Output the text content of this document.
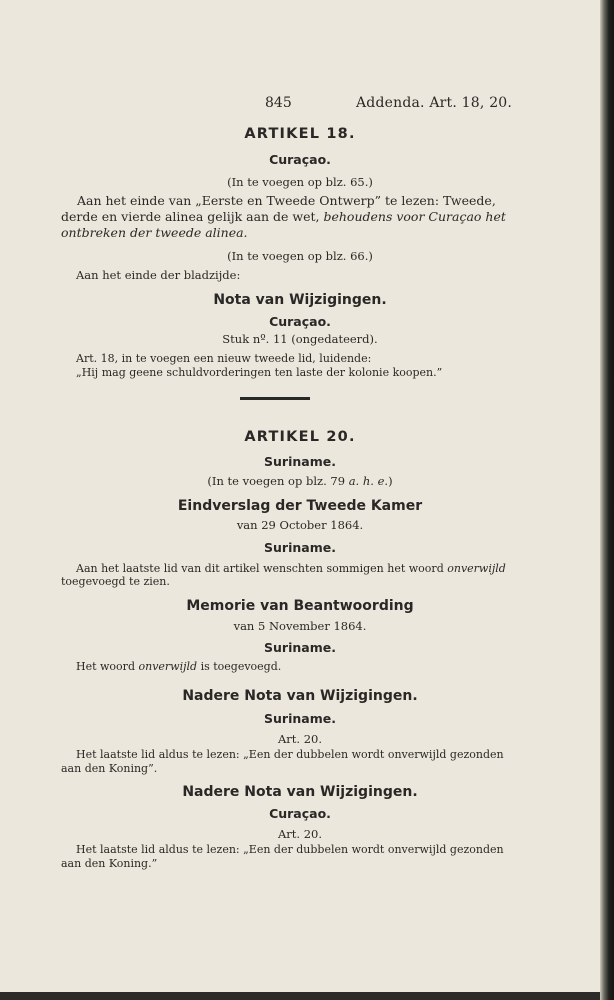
845	Addenda. Art. 18, 20.
ARTIKEL 18.
Curaçao.
(In te voegen op blz. 65.)
Aan het einde van „Eerste en Tweede Ontwerp” te lezen: Tweede,
derde en vierde alinea gelijk aan de wet, behoudens voor Curaçao het
ontbreken der tweede alinea.
(In te voegen op blz. 66.)
Aan het einde der bladzijde:
Nota van Wijzigingen.
Curaçao.
Stuk nº. 11 (ongedateerd).
Art. 18, in te voegen een nieuw tweede lid, luidende:
„Hij mag geene schuldvorderingen ten laste der kolonie koopen.”
ARTIKEL 20.
Suriname.
(In te voegen op blz. 79 a. h. e.)
Eindverslag der Tweede Kamer
van 29 October 1864.
Suriname.
Aan het laatste lid van dit artikel wenschten sommigen het woord onverwijld
toegevoegd te zien.
Memorie van Beantwoording
van 5 November 1864.
Suriname.
Het woord onverwijld is toegevoegd.
Nadere Nota van Wijzigingen.
Suriname.
Art. 20.
Het laatste lid aldus te lezen: „Een der dubbelen wordt onverwijld gezonden
aan den Koning”.
Nadere Nota van Wijzigingen.
Curaçao.
Art. 20.
Het laatste lid aldus te lezen: „Een der dubbelen wordt onverwijld gezonden
aan den Koning.”
